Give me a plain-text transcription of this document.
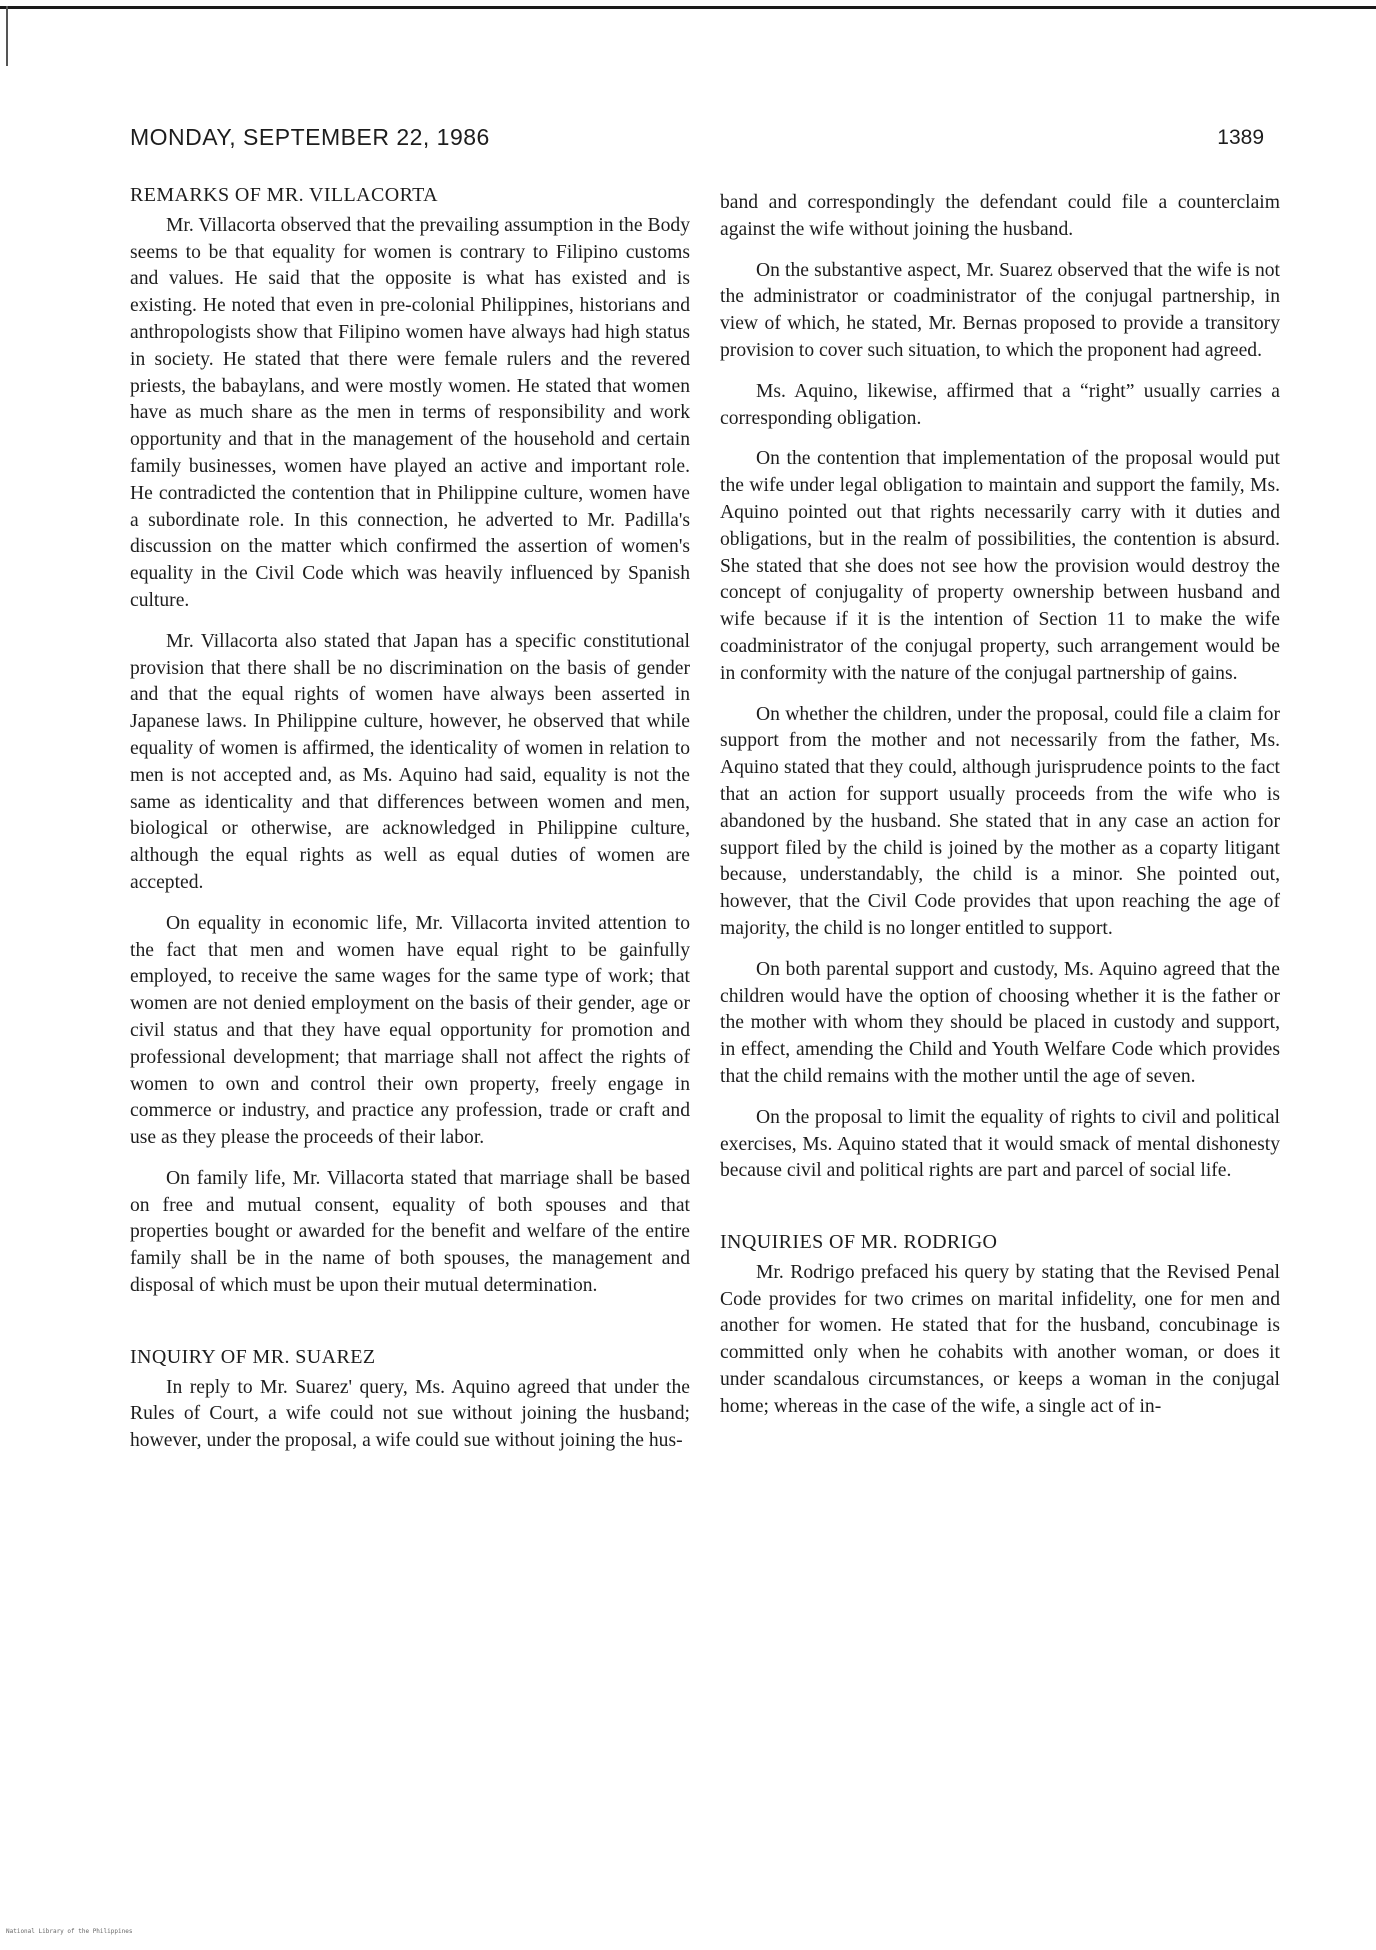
MONDAY, SEPTEMBER 22, 1986	1389
REMARKS OF MR. VILLACORTA

Mr. Villacorta observed that the prevailing assumption in the Body seems to be that equality for women is contrary to Filipino customs and values. He said that the opposite is what has existed and is existing. He noted that even in pre-colonial Philippines, historians and anthropologists show that Filipino women have always had high status in society. He stated that there were female rulers and the revered priests, the babaylans, and were mostly women. He stated that women have as much share as the men in terms of responsibility and work opportunity and that in the management of the household and certain family businesses, women have played an active and important role. He contradicted the contention that in Philippine culture, women have a subordinate role. In this connection, he adverted to Mr. Padilla's discussion on the matter which confirmed the assertion of women's equality in the Civil Code which was heavily influenced by Spanish culture.

Mr. Villacorta also stated that Japan has a specific constitutional provision that there shall be no discrimination on the basis of gender and that the equal rights of women have always been asserted in Japanese laws. In Philippine culture, however, he observed that while equality of women is affirmed, the identicality of women in relation to men is not accepted and, as Ms. Aquino had said, equality is not the same as identicality and that differences between women and men, biological or otherwise, are acknowledged in Philippine culture, although the equal rights as well as equal duties of women are accepted.

On equality in economic life, Mr. Villacorta invited attention to the fact that men and women have equal right to be gainfully employed, to receive the same wages for the same type of work; that women are not denied employment on the basis of their gender, age or civil status and that they have equal opportunity for promotion and professional development; that marriage shall not affect the rights of women to own and control their own property, freely engage in commerce or industry, and practice any profession, trade or craft and use as they please the proceeds of their labor.

On family life, Mr. Villacorta stated that marriage shall be based on free and mutual consent, equality of both spouses and that properties bought or awarded for the benefit and welfare of the entire family shall be in the name of both spouses, the management and disposal of which must be upon their mutual determination.

INQUIRY OF MR. SUAREZ

In reply to Mr. Suarez' query, Ms. Aquino agreed that under the Rules of Court, a wife could not sue without joining the husband; however, under the proposal, a wife could sue without joining the hus-

band and correspondingly the defendant could file a counterclaim against the wife without joining the husband.

On the substantive aspect, Mr. Suarez observed that the wife is not the administrator or coadministrator of the conjugal partnership, in view of which, he stated, Mr. Bernas proposed to provide a transitory provision to cover such situation, to which the proponent had agreed.

Ms. Aquino, likewise, affirmed that a “right” usually carries a corresponding obligation.

On the contention that implementation of the proposal would put the wife under legal obligation to maintain and support the family, Ms. Aquino pointed out that rights necessarily carry with it duties and obligations, but in the realm of possibilities, the contention is absurd. She stated that she does not see how the provision would destroy the concept of conjugality of property ownership between husband and wife because if it is the intention of Section 11 to make the wife coadministrator of the conjugal property, such arrangement would be in conformity with the nature of the conjugal partnership of gains.

On whether the children, under the proposal, could file a claim for support from the mother and not necessarily from the father, Ms. Aquino stated that they could, although jurisprudence points to the fact that an action for support usually proceeds from the wife who is abandoned by the husband. She stated that in any case an action for support filed by the child is joined by the mother as a coparty litigant because, understandably, the child is a minor. She pointed out, however, that the Civil Code provides that upon reaching the age of majority, the child is no longer entitled to support.

On both parental support and custody, Ms. Aquino agreed that the children would have the option of choosing whether it is the father or the mother with whom they should be placed in custody and support, in effect, amending the Child and Youth Welfare Code which provides that the child remains with the mother until the age of seven.

On the proposal to limit the equality of rights to civil and political exercises, Ms. Aquino stated that it would smack of mental dishonesty because civil and political rights are part and parcel of social life.

INQUIRIES OF MR. RODRIGO

Mr. Rodrigo prefaced his query by stating that the Revised Penal Code provides for two crimes on marital infidelity, one for men and another for women. He stated that for the husband, concubinage is committed only when he cohabits with another woman, or does it under scandalous circumstances, or keeps a woman in the conjugal home; whereas in the case of the wife, a single act of in-

National Library of the Philippines
